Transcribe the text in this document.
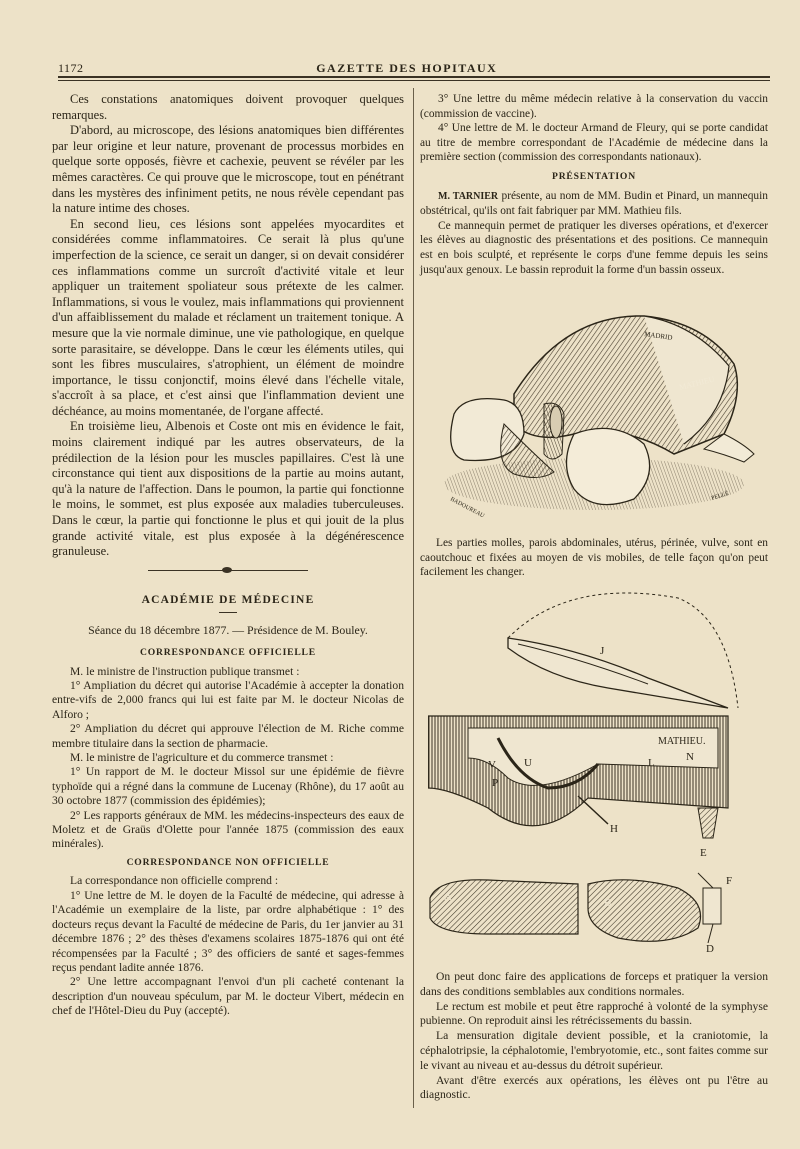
1172	GAZETTE DES HOPITAUX

Ces constations anatomiques doivent provoquer quelques remarques.

D'abord, au microscope, des lésions anatomiques bien différentes par leur origine et leur nature, provenant de processus morbides en quelque sorte opposés, fièvre et cachexie, peuvent se révéler par les mêmes caractères. Ce qui prouve que le microscope, tout en pénétrant dans les mystères des infiniment petits, ne nous révèle cependant pas la nature intime des choses.

En second lieu, ces lésions sont appelées myocardites et considérées comme inflammatoires. Ce serait là plus qu'une imperfection de la science, ce serait un danger, si on devait considérer ces inflammations comme un surcroît d'activité vitale et leur appliquer un traitement spoliateur sous prétexte de les calmer. Inflammations, si vous le voulez, mais inflammations qui proviennent d'un affaiblissement du malade et réclament un traitement tonique. A mesure que la vie normale diminue, une vie pathologique, en quelque sorte parasitaire, se développe. Dans le cœur les éléments utiles, qui sont les fibres musculaires, s'atrophient, un élément de moindre importance, le tissu conjonctif, moins élevé dans l'échelle vitale, s'accroît à sa place, et c'est ainsi que l'inflammation devient une déchéance, au moins momentanée, de l'organe affecté.

En troisième lieu, Albenois et Coste ont mis en évidence le fait, moins clairement indiqué par les autres observateurs, de la prédilection de la lésion pour les muscles papillaires. C'est là une circonstance qui tient aux dispositions de la partie au moins autant, qu'à la nature de l'affection. Dans le poumon, la partie qui fonctionne le moins, le sommet, est plus exposée aux maladies tuberculeuses. Dans le cœur, la partie qui fonctionne le plus et qui jouit de la plus grande activité vitale, est plus exposée à la dégénérescence granuleuse.

ACADÉMIE DE MÉDECINE
Séance du 18 décembre 1877. — Présidence de M. Bouley.
CORRESPONDANCE OFFICIELLE

M. le ministre de l'instruction publique transmet :

1° Ampliation du décret qui autorise l'Académie à accepter la donation entre-vifs de 2,000 francs qui lui est faite par M. le docteur Nicolas de Alforo ;

2° Ampliation du décret qui approuve l'élection de M. Riche comme membre titulaire dans la section de pharmacie.

M. le ministre de l'agriculture et du commerce transmet :

1° Un rapport de M. le docteur Missol sur une épidémie de fièvre typhoïde qui a régné dans la commune de Lucenay (Rhône), du 17 août au 30 octobre 1877 (commission des épidémies);

2° Les rapports généraux de MM. les médecins-inspecteurs des eaux de Moletz et de Graüs d'Olette pour l'année 1875 (commission des eaux minérales).

CORRESPONDANCE NON OFFICIELLE

La correspondance non officielle comprend :

1° Une lettre de M. le doyen de la Faculté de médecine, qui adresse à l'Académie un exemplaire de la liste, par ordre alphabétique : 1° des docteurs reçus devant la Faculté de médecine de Paris, du 1er janvier au 31 décembre 1876 ; 2° des thèses d'examens scolaires 1875-1876 qui ont été récompensées par la Faculté ; 3° des officiers de santé et sages-femmes reçus pendant ladite année 1876.

2° Une lettre accompagnant l'envoi d'un pli cacheté contenant la description d'un nouveau spéculum, par M. le docteur Vibert, médecin en chef de l'Hôtel-Dieu du Puy (accepté).

3° Une lettre du même médecin relative à la conservation du vaccin (commission de vaccine).

4° Une lettre de M. le docteur Armand de Fleury, qui se porte candidat au titre de membre correspondant de l'Académie de médecine dans la première section (commission des correspondants nationaux).

PRÉSENTATION

M. TARNIER présente, au nom de MM. Budin et Pinard, un mannequin obstétrical, qu'ils ont fait fabriquer par MM. Mathieu fils.

Ce mannequin permet de pratiquer les diverses opérations, et d'exercer les élèves au diagnostic des présentations et des positions. Ce mannequin est en bois sculpté, et représente le corps d'une femme depuis les seins jusqu'aux genoux. Le bassin reproduit la forme d'un bassin osseux.

MADRID
MATHIEU
BADOUREAU
PELLÉ

Les parties molles, parois abdominales, utérus, périnée, vulve, sont en caoutchouc et fixées au moyen de vis mobiles, de telle façon qu'on peut facilement les changer.

MATHIEU.
J
V	U
P
L	N
H
E
F
A	B
D

On peut donc faire des applications de forceps et pratiquer la version dans des conditions semblables aux conditions normales.

Le rectum est mobile et peut être rapproché à volonté de la symphyse pubienne. On reproduit ainsi les rétrécissements du bassin.

La mensuration digitale devient possible, et la craniotomie, la céphalotripsie, la céphalotomie, l'embryotomie, etc., sont faites comme sur le vivant au niveau et au-dessus du détroit supérieur.

Avant d'être exercés aux opérations, les élèves ont pu l'être au diagnostic.
